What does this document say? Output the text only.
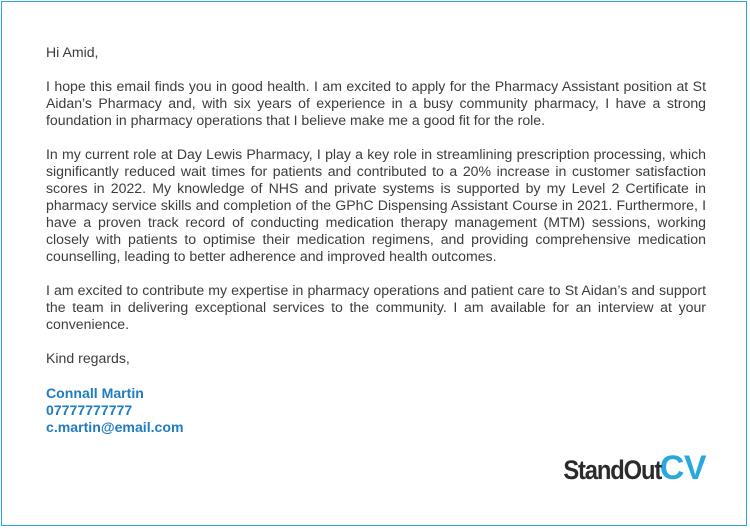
Hi Amid,

I hope this email finds you in good health. I am excited to apply for the Pharmacy Assistant position at St Aidan’s Pharmacy and, with six years of experience in a busy community pharmacy, I have a strong foundation in pharmacy operations that I believe make me a good fit for the role.

In my current role at Day Lewis Pharmacy, I play a key role in streamlining prescription processing, which significantly reduced wait times for patients and contributed to a 20% increase in customer satisfaction scores in 2022. My knowledge of NHS and private systems is supported by my Level 2 Certificate in pharmacy service skills and completion of the GPhC Dispensing Assistant Course in 2021. Furthermore, I have a proven track record of conducting medication therapy management (MTM) sessions, working closely with patients to optimise their medication regimens, and providing comprehensive medication counselling, leading to better adherence and improved health outcomes.

I am excited to contribute my expertise in pharmacy operations and patient care to St Aidan’s and support the team in delivering exceptional services to the community. I am available for an interview at your convenience.

Kind regards,

Connall Martin
07777777777
c.martin@email.com
StandOut CV
